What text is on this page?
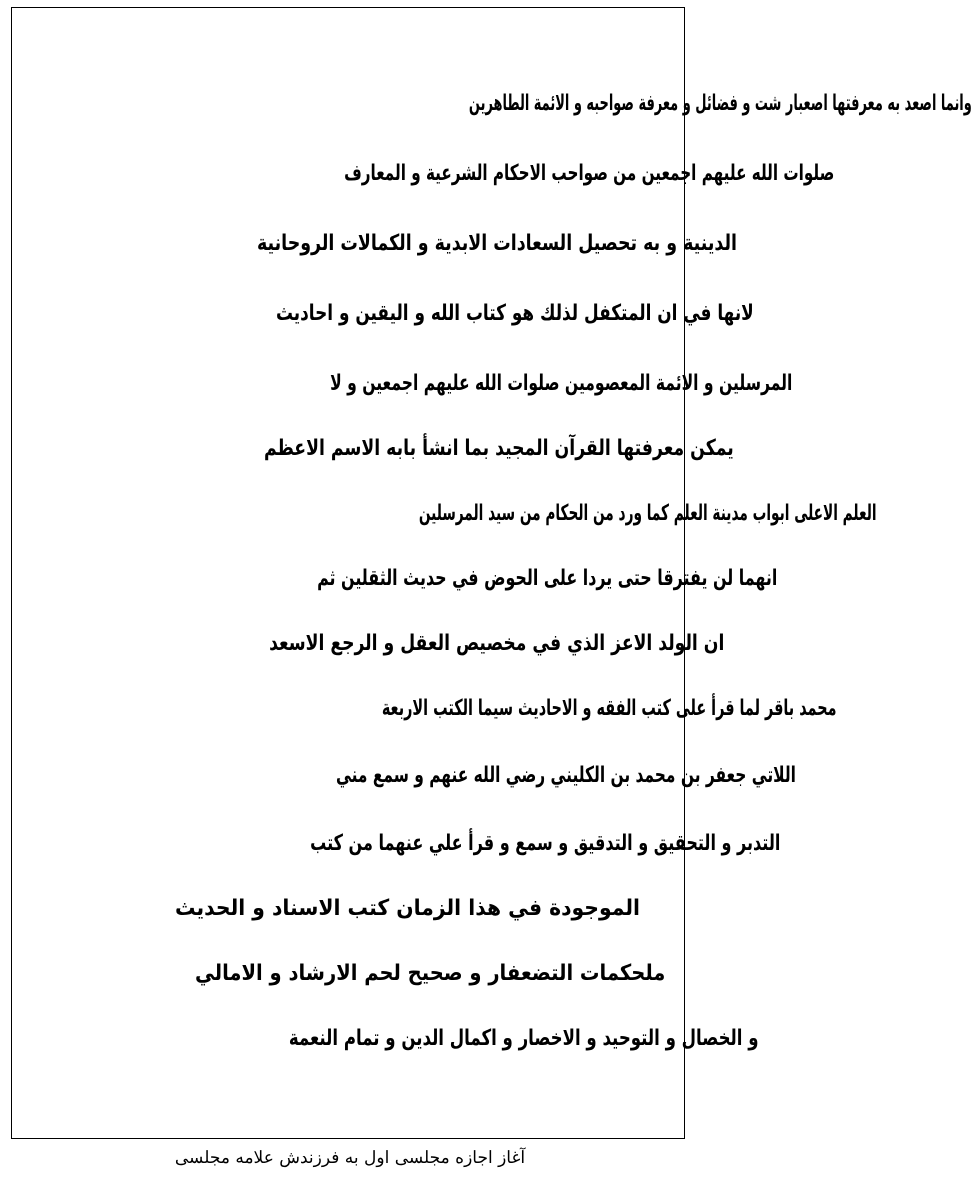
وانما اصعد به معرفتها اصعبار شت و فضائل و معرفة صواحبه و الائمة الطاهرين
صلوات الله عليهم اجمعين من صواحب الاحكام الشرعية و المعارف
الدينية و به تحصيل السعادات الابدية و الكمالات الروحانية
لانها في ان المتكفل لذلك هو كتاب الله و اليقين و احاديث
المرسلين و الائمة المعصومين صلوات الله عليهم اجمعين و لا
يمكن معرفتها القرآن المجيد بما انشأ بابه الاسم الاعظم
العلم الاعلى ابواب مدينة العلم كما ورد من الحكام من سيد المرسلين
انهما لن يفترقا حتى يردا على الحوض في حديث الثقلين ثم
ان الولد الاعز الذي في مخصيص العقل و الرجع الاسعد
محمد باقر لما قرأ على كتب الفقه و الاحاديث سيما الكتب الاربعة
اللاتي جعفر بن محمد بن الكليني رضي الله عنهم و سمع مني
التدبر و التحقيق و التدقيق و سمع و قرأ علي عنهما من كتب
الموجودة في هذا الزمان كتب الاسناد و الحديث
ملحكمات التضعفار و صحيح لحم الارشاد و الامالي
و الخصال و التوحيد و الاخصار و اكمال الدين و تمام النعمة
آغاز اجازه مجلسی اول به فرزندش علامه مجلسی
